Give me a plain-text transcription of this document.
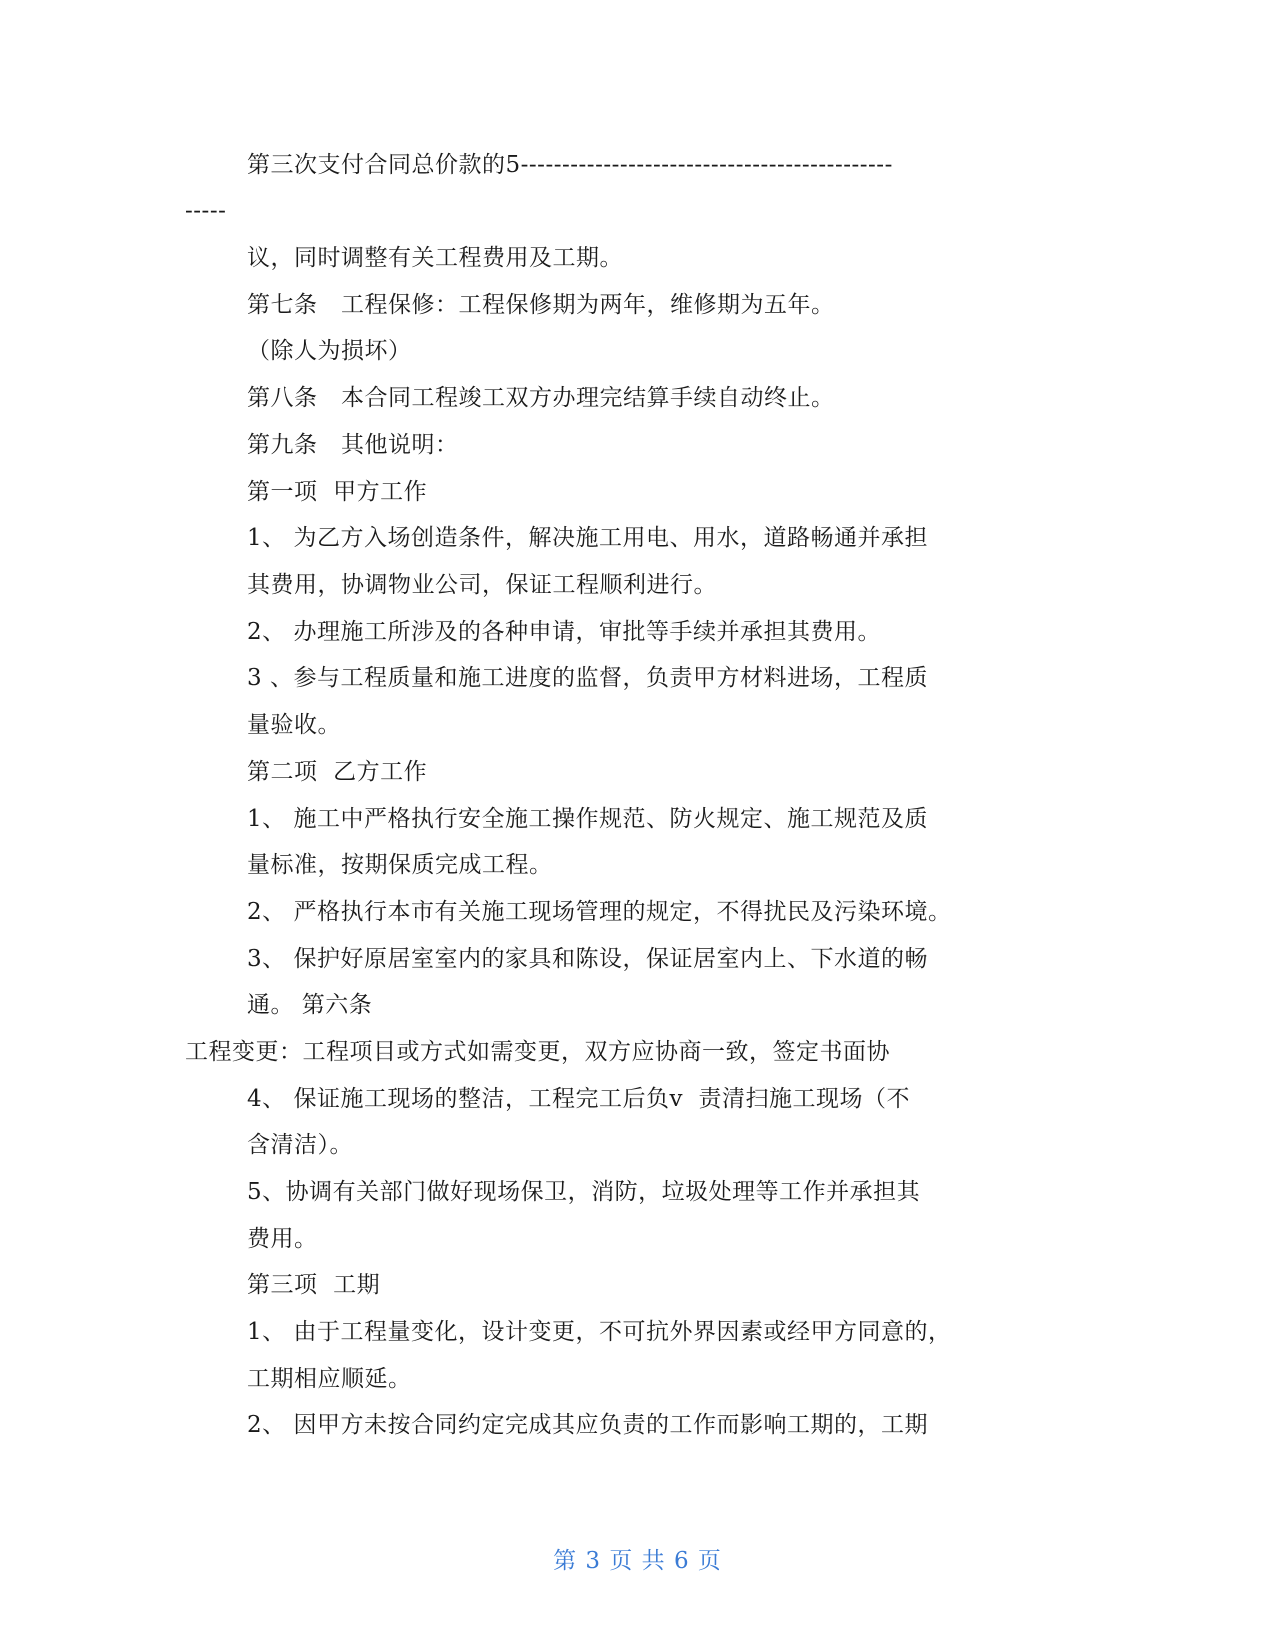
第三次支付合同总价款的5---------------------------------------------
-----
议，同时调整有关工程费用及工期。
第七条　工程保修：工程保修期为两年，维修期为五年。
（除人为损坏）
第八条　本合同工程竣工双方办理完结算手续自动终止。
第九条　其他说明：
第一项  甲方工作
1、 为乙方入场创造条件，解决施工用电、用水，道路畅通并承担
其费用，协调物业公司，保证工程顺利进行。
2、 办理施工所涉及的各种申请，审批等手续并承担其费用。
3 、参与工程质量和施工进度的监督，负责甲方材料进场，工程质
量验收。
第二项  乙方工作
1、 施工中严格执行安全施工操作规范、防火规定、施工规范及质
量标准，按期保质完成工程。
2、 严格执行本市有关施工现场管理的规定，不得扰民及污染环境。
3、 保护好原居室室内的家具和陈设，保证居室内上、下水道的畅
通。 第六条
工程变更：工程项目或方式如需变更，双方应协商一致，签定书面协
4、 保证施工现场的整洁，工程完工后负v  责清扫施工现场（不
含清洁）。
5、协调有关部门做好现场保卫，消防，垃圾处理等工作并承担其
费用。
第三项  工期
1、 由于工程量变化，设计变更，不可抗外界因素或经甲方同意的，
工期相应顺延。
2、 因甲方未按合同约定完成其应负责的工作而影响工期的，工期
第 3 页 共 6 页
